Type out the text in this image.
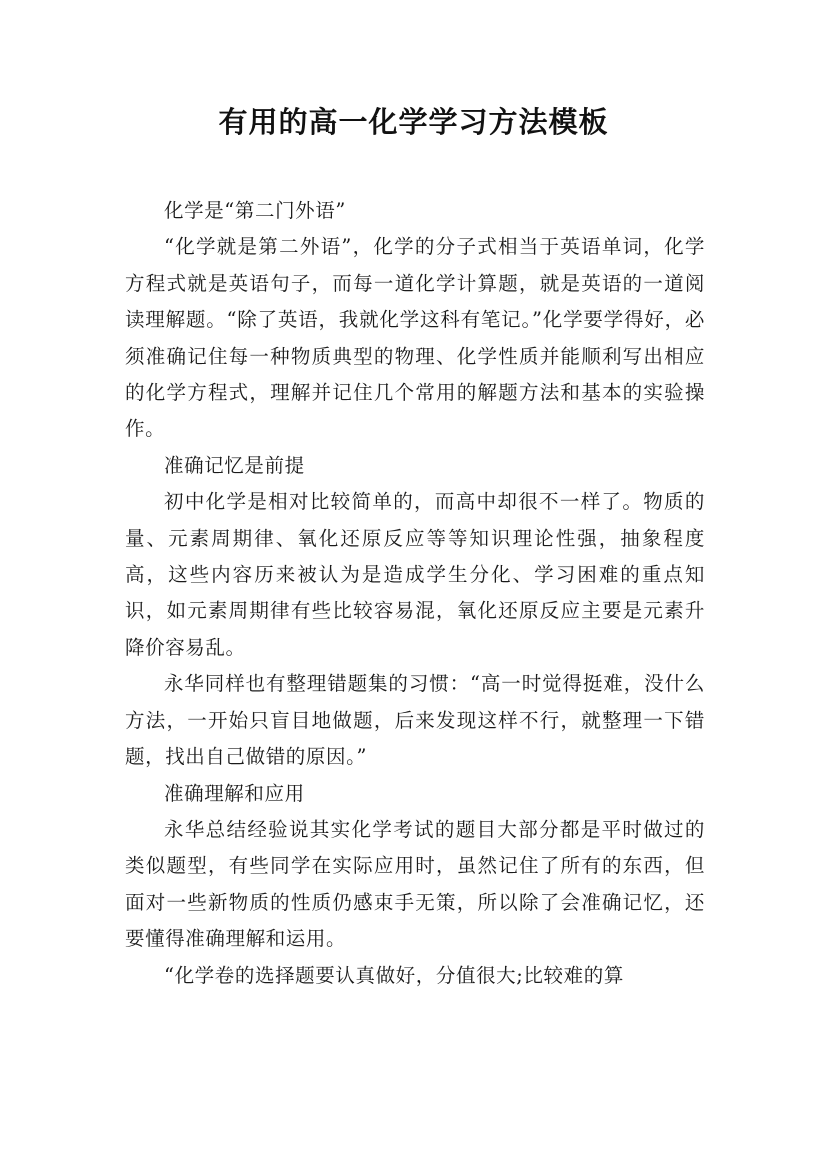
有用的高一化学学习方法模板

化学是“第二门外语”

“化学就是第二外语”，化学的分子式相当于英语单词，化学方程式就是英语句子，而每一道化学计算题，就是英语的一道阅读理解题。“除了英语，我就化学这科有笔记。”化学要学得好，必须准确记住每一种物质典型的物理、化学性质并能顺利写出相应的化学方程式，理解并记住几个常用的解题方法和基本的实验操作。

准确记忆是前提

初中化学是相对比较简单的，而高中却很不一样了。物质的量、元素周期律、氧化还原反应等等知识理论性强，抽象程度高，这些内容历来被认为是造成学生分化、学习困难的重点知识，如元素周期律有些比较容易混，氧化还原反应主要是元素升降价容易乱。

永华同样也有整理错题集的习惯：“高一时觉得挺难，没什么方法，一开始只盲目地做题，后来发现这样不行，就整理一下错题，找出自己做错的原因。”

准确理解和应用

永华总结经验说其实化学考试的题目大部分都是平时做过的类似题型，有些同学在实际应用时，虽然记住了所有的东西，但面对一些新物质的性质仍感束手无策，所以除了会准确记忆，还要懂得准确理解和运用。

“化学卷的选择题要认真做好，分值很大;比较难的算
